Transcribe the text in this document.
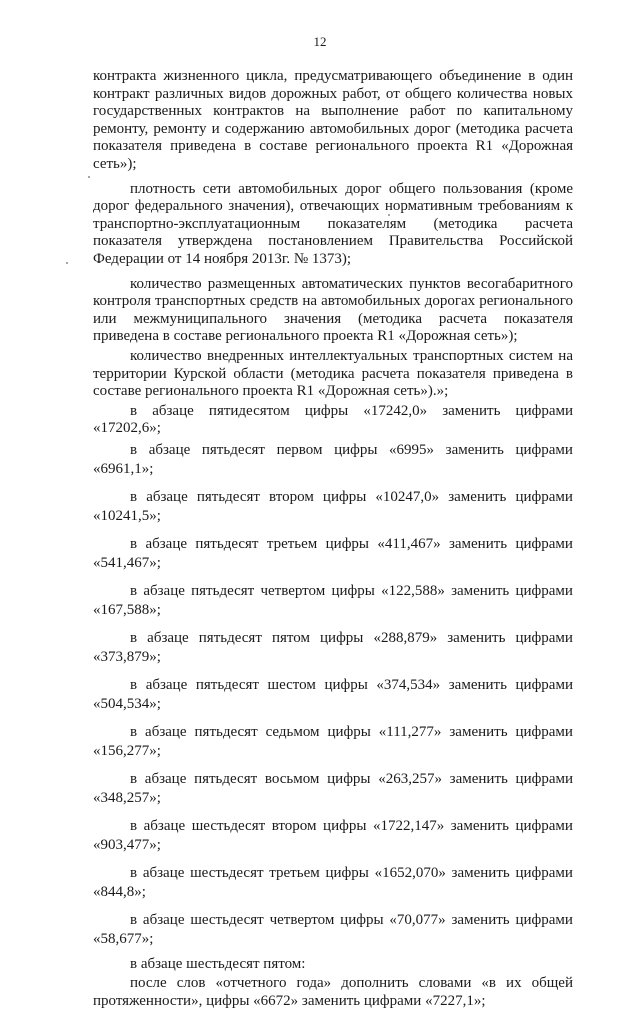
12

контракта жизненного цикла, предусматривающего объединение в один контракт различных видов дорожных работ, от общего количества новых государственных контрактов на выполнение работ по капитальному ремонту, ремонту и содержанию автомобильных дорог (методика расчета показателя приведена в составе регионального проекта R1 «Дорожная сеть»);

плотность сети автомобильных дорог общего пользования (кроме дорог федерального значения), отвечающих нормативным требованиям к транспортно-эксплуатационным показателям (методика расчета показателя утверждена постановлением Правительства Российской Федерации от 14 ноября 2013г. № 1373);

количество размещенных автоматических пунктов весогабаритного контроля транспортных средств на автомобильных дорогах регионального или межмуниципального значения (методика расчета показателя приведена в составе регионального проекта R1 «Дорожная сеть»);

количество внедренных интеллектуальных транспортных систем на территории Курской области (методика расчета показателя приведена в составе регионального проекта R1 «Дорожная сеть»).»;

в абзаце пятидесятом цифры «17242,0» заменить цифрами «17202,6»;

в абзаце пятьдесят первом цифры «6995» заменить цифрами
«6961,1»;
в абзаце пятьдесят втором цифры «10247,0» заменить цифрами
«10241,5»;
в абзаце пятьдесят третьем цифры «411,467» заменить цифрами
«541,467»;
в абзаце пятьдесят четвертом цифры «122,588» заменить цифрами
«167,588»;
в абзаце пятьдесят пятом цифры «288,879» заменить цифрами
«373,879»;
в абзаце пятьдесят шестом цифры «374,534» заменить цифрами
«504,534»;
в абзаце пятьдесят седьмом цифры «111,277» заменить цифрами
«156,277»;
в абзаце пятьдесят восьмом цифры «263,257» заменить цифрами
«348,257»;
в абзаце шестьдесят втором цифры «1722,147» заменить цифрами
«903,477»;
в абзаце шестьдесят третьем цифры «1652,070» заменить цифрами
«844,8»;
в абзаце шестьдесят четвертом цифры «70,077» заменить цифрами
«58,677»;

в абзаце шестьдесят пятом:

после слов «отчетного года» дополнить словами «в их общей протяженности», цифры «6672» заменить цифрами «7227,1»;
